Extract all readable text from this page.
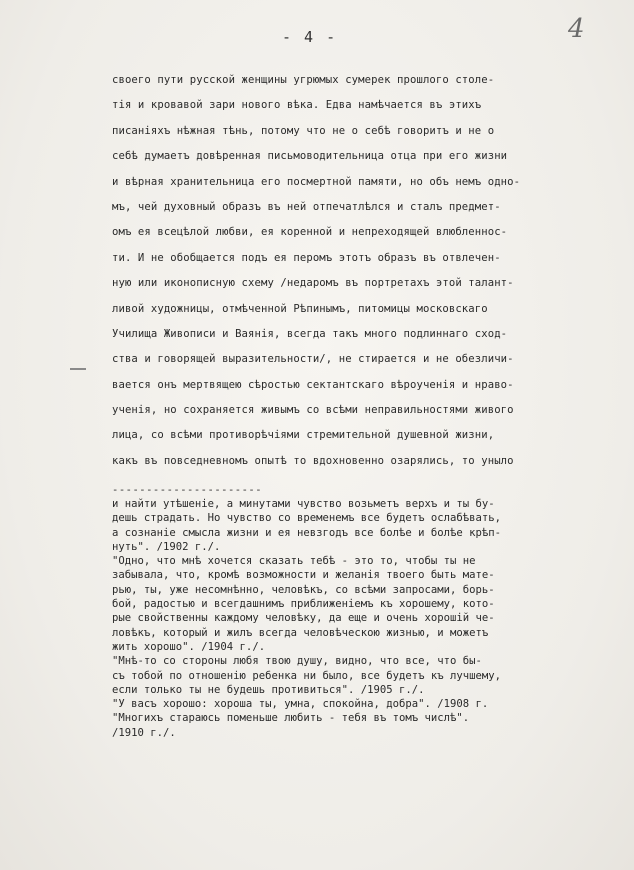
- 4 -	4
своего пути русской женщины угрюмых сумерек прошлого столе-
тія и кровавой зари нового вѣка. Едва намѣчается въ этихъ
писаніяхъ нѣжная тѣнь, потому что не о себѣ говоритъ и не о
себѣ думаетъ довѣренная письмоводительница отца при его жизни
и вѣрная хранительница его посмертной памяти, но объ немъ одно-
мъ, чей духовный образъ въ ней отпечатлѣлся и сталъ предмет-
омъ ея всецѣлой любви, ея коренной и непреходящей влюбленнос-
ти. И не обобщается подъ ея перомъ этотъ образъ въ отвлечен-
ную или иконописную схему /недаромъ въ портретахъ этой талант-
ливой художницы, отмѣченной Рѣпинымъ, питомицы московскаго
Училища Живописи и Ваянія, всегда такъ много подлиннаго сход-
ства и говорящей выразительности/, не стирается и не обезличи-
вается онъ мертвящею сѣростью сектантскаго вѣроученія и нраво-
ученія, но сохраняется живымъ со всѣми неправильностями живого
лица, со всѣми противорѣчіями стремительной душевной жизни,
какъ въ повседневномъ опытѣ то вдохновенно озарялись, то уныло
----------------------
и найти утѣшеніе, а минутами чувство возьметъ верхъ и ты бу-
дешь страдать. Но чувство со временемъ все будетъ ослабѣвать,
а сознаніе смысла жизни и ея невзгодъ все болѣе и болѣе крѣп-
нуть". /1902 г./.
"Одно, что мнѣ хочется сказать тебѣ - это то, чтобы ты не
забывала, что, кромѣ возможности и желанія твоего быть мате-
рью, ты, уже несомнѣнно, человѣкъ, со всѣми запросами, борь-
бой, радостью и всегдашнимъ приближеніемъ къ хорошему, кото-
рые свойственны каждому человѣку, да еще и очень хорошій че-
ловѣкъ, который и жилъ всегда человѣческою жизнью, и можетъ
жить хорошо". /1904 г./.
"Мнѣ-то со стороны любя твою душу, видно, что все, что бы-
съ тобой по отношенію ребенка ни было, все будетъ къ лучшему,
если только ты не будешь противиться". /1905 г./.
"У васъ хорошо: хороша ты, умна, спокойна, добра". /1908 г.
"Многихъ стараюсь поменьше любить - тебя въ томъ числѣ".
/1910 г./.
